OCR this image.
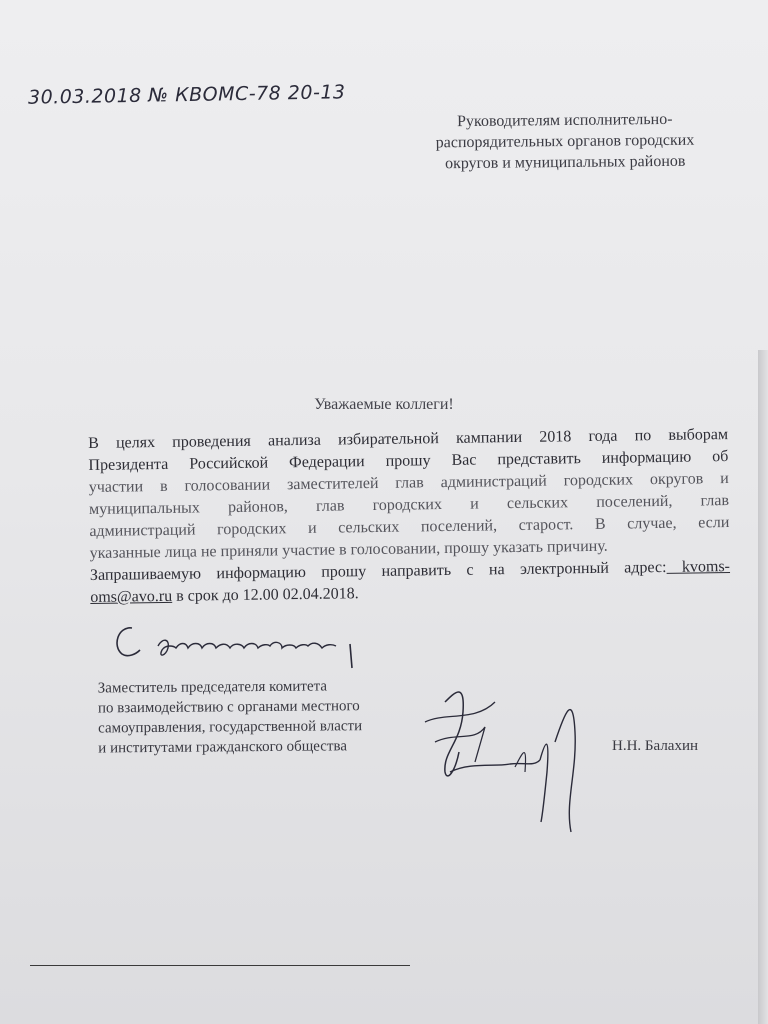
30.03.2018 № КВОМС-78 20-13
Руководителям исполнительно-
распорядительных органов городских
округов и муниципальных районов
Уважаемые коллеги!
В целях проведения анализа избирательной кампании 2018 года по выборам
Президента Российской Федерации прошу Вас представить информацию об
участии в голосовании заместителей глав администраций городских округов и
муниципальных районов, глав городских и сельских поселений, глав
администраций городских и сельских поселений, старост. В случае, если
указанные лица не приняли участие в голосовании, прошу указать причину.
Запрашиваемую информацию прошу направить с на электронный адрес: kvoms-
oms@avo.ru в срок до 12.00 02.04.2018.
Заместитель председателя комитета
по взаимодействию с органами местного
самоуправления, государственной власти
и институтами гражданского общества	Н.Н. Балахин
